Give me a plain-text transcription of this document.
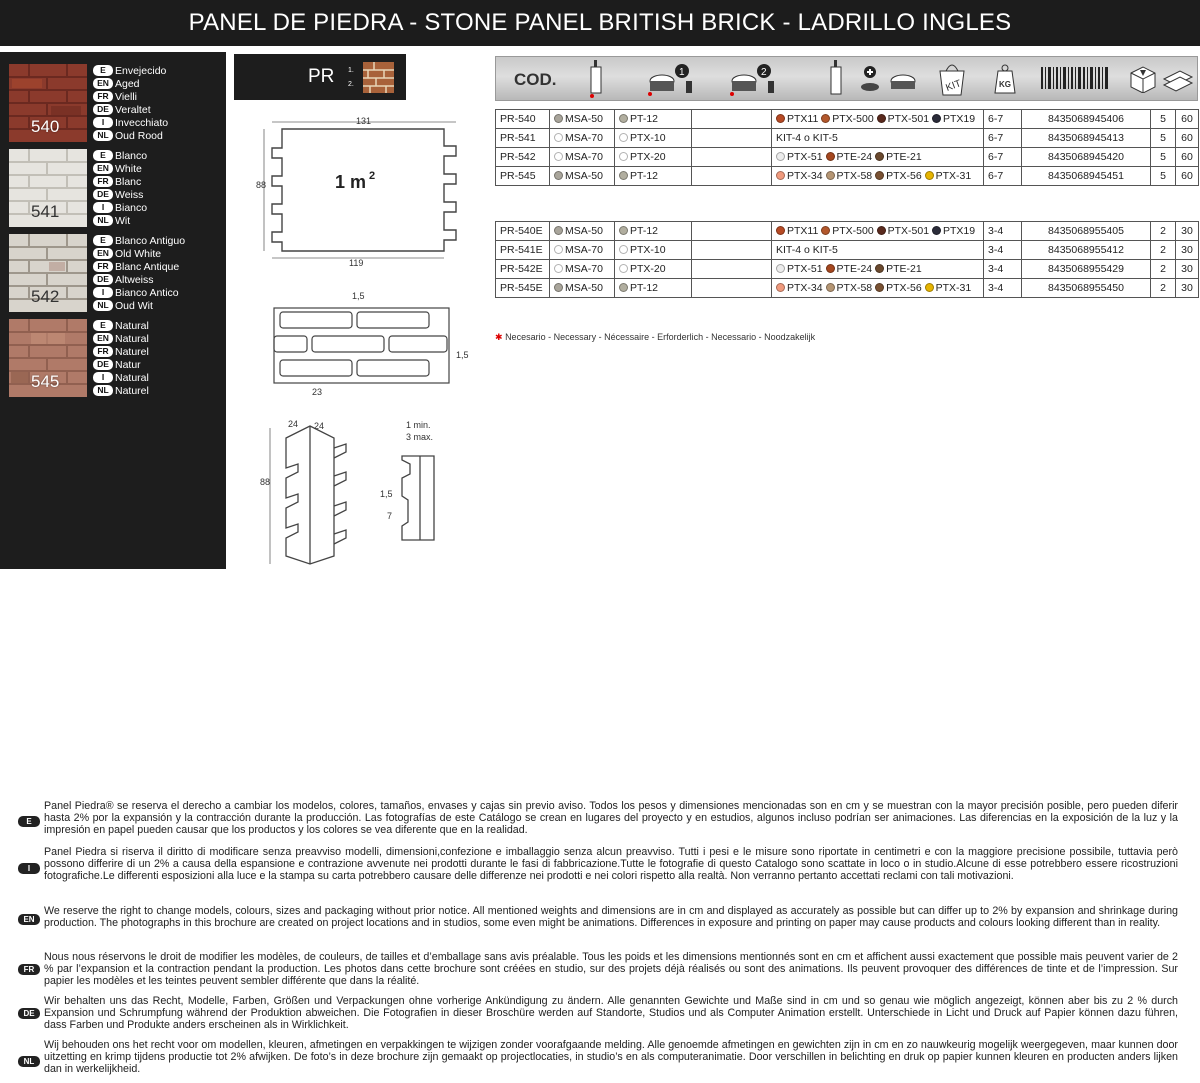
PANEL DE PIEDRA - STONE PANEL BRITISH BRICK - LADRILLO INGLES
540
E Envejecido
EN Aged
FR Vielli
DE Veraltet
I	Invecchiato
NL Oud Rood
541
E Blanco
EN White
FR Blanc
DE Weiss
I	Bianco
NL Wit
542
E Blanco Antiguo
EN Old White
FR Blanc Antique
DE Altweiss
I	Bianco Antico
NL Oud Wit
545
E Natural
EN Natural
FR Naturel
DE Natur
I	Natural
NL Naturel
PR 1.
2.	COD.	1	2
KIT	KG
PR-540	MSA-50	PT-12		PTX11 PTX-500 PTX-501 PTX19	6-7	8435068945406	5	60
PR-541	MSA-70	PTX-10		KIT-4 o KIT-5	6-7	8435068945413	5	60
PR-542	MSA-70	PTX-20		PTX-51 PTE-24 PTE-21	6-7	8435068945420	5	60
PR-545	MSA-50	PT-12		PTX-34 PTX-58 PTX-56 PTX-31	6-7	8435068945451	5	60
PR-540E	MSA-50	PT-12		PTX11 PTX-500 PTX-501 PTX19	3-4	8435068955405	2	30
PR-541E	MSA-70	PTX-10		KIT-4 o KIT-5	3-4	8435068955412	2	30
PR-542E	MSA-70	PTX-20		PTX-51 PTE-24 PTE-21	3-4	8435068955429	2	30
PR-545E	MSA-50	PT-12		PTX-34 PTX-58 PTX-56 PTX-31	3-4	8435068955450	2	30
✱ Necesario - Necessary - Nécessaire - Erforderlich - Necessario - Noodzakelijk
131
119
88	1 m 2
1,5
1,5
23
24 24
88
1 min.
3 max.
1,5
7
E
Panel Piedra® se reserva el derecho a cambiar los modelos, colores, tamaños, envases y cajas sin previo aviso. Todos los pesos y dimensiones mencionadas son en cm y se muestran con la mayor precisión posible, pero pueden diferir hasta 2% por la expansión y la contracción durante la producción. Las fotografías de este Catálogo se crean en lugares del proyecto y en estudios, algunos incluso podrían ser animaciones. Las diferencias en la exposición de la luz y la impresión en papel pueden causar que los productos y los colores se vea diferente que en la realidad.
I
Panel Piedra si riserva il diritto di modificare senza preavviso modelli, dimensioni,confezione e imballaggio senza alcun preavviso. Tutti i pesi e le misure sono riportate in centimetri e con la maggiore precisione possibile, tuttavia però possono differire di un 2% a causa della espansione e contrazione avvenute nei prodotti durante le fasi di fabbricazione.Tutte le fotografie di questo Catalogo sono scattate in loco o in studio.Alcune di esse potrebbero essere ricostruzioni fotografiche.Le differenti esposizioni alla luce e la stampa su carta potrebbero causare delle differenze nei prodotti e nei colori rispetto alla realtà. Non verranno pertanto accettati reclami con tali motivazioni.
EN
We reserve the right to change models, colours, sizes and packaging without prior notice. All mentioned weights and dimensions are in cm and displayed as accurately as possible but can differ up to 2% by expansion and shrinkage during production. The photographs in this brochure are created on project locations and in studios, some even might be animations. Differences in exposure and printing on paper may cause products and colours looking different than in reality.
FR
Nous nous réservons le droit de modifier les modèles, de couleurs, de tailles et d’emballage sans avis préalable. Tous les poids et les dimensions mentionnés sont en cm et affichent aussi exactement que possible mais peuvent varier de 2 % par l’expansion et la contraction pendant la production. Les photos dans cette brochure sont créées en studio, sur des projets déjà réalisés ou sont des animations. Ils peuvent provoquer des différences de tinte et de l’impression. Sur papier les modèles et les teintes peuvent sembler différente que dans la réalité.
DE
Wir behalten uns das Recht, Modelle, Farben, Größen und Verpackungen ohne vorherige Ankündigung zu ändern. Alle genannten Gewichte und Maße sind in cm und so genau wie möglich angezeigt, können aber bis zu 2 % durch Expansion und Schrumpfung während der Produktion abweichen. Die Fotografien in dieser Broschüre werden auf Standorte, Studios und als Computer Animation erstellt. Unterschiede in Licht und Druck auf Papier können dazu führen, dass Farben und Produkte anders erscheinen als in Wirklichkeit.
NL
Wij behouden ons het recht voor om modellen, kleuren, afmetingen en verpakkingen te wijzigen zonder voorafgaande melding. Alle genoemde afmetingen en gewichten zijn in cm en zo nauwkeurig mogelijk weergegeven, maar kunnen door uitzetting en krimp tijdens productie tot 2% afwijken. De foto’s in deze brochure zijn gemaakt op projectlocaties, in studio’s en als computeranimatie. Door verschillen in belichting en druk op papier kunnen kleuren en producten anders lijken dan in werkelijkheid.
